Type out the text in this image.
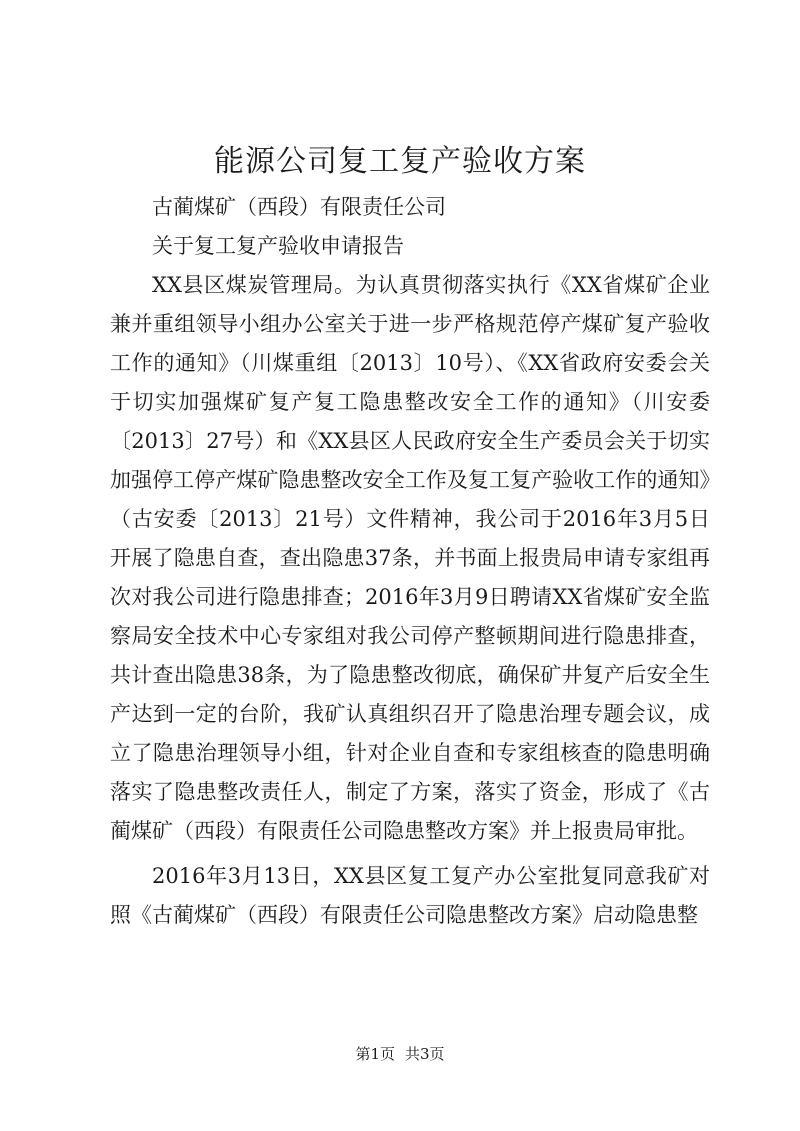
能源公司复工复产验收方案

古蔺煤矿（西段）有限责任公司

关于复工复产验收申请报告

XX县区煤炭管理局。为认真贯彻落实执行《XX省煤矿企业兼并重组领导小组办公室关于进一步严格规范停产煤矿复产验收工作的通知》（川煤重组〔2013〕10号）、《XX省政府安委会关于切实加强煤矿复产复工隐患整改安全工作的通知》（川安委〔2013〕27号）和《XX县区人民政府安全生产委员会关于切实加强停工停产煤矿隐患整改安全工作及复工复产验收工作的通知》（古安委〔2013〕21号）文件精神，我公司于2016年3月5日开展了隐患自查，查出隐患37条，并书面上报贵局申请专家组再次对我公司进行隐患排查；2016年3月9日聘请XX省煤矿安全监察局安全技术中心专家组对我公司停产整顿期间进行隐患排查，共计查出隐患38条，为了隐患整改彻底，确保矿井复产后安全生产达到一定的台阶，我矿认真组织召开了隐患治理专题会议，成立了隐患治理领导小组，针对企业自查和专家组核查的隐患明确落实了隐患整改责任人，制定了方案，落实了资金，形成了《古蔺煤矿（西段）有限责任公司隐患整改方案》并上报贵局审批。

2016年3月13日，XX县区复工复产办公室批复同意我矿对照《古蔺煤矿（西段）有限责任公司隐患整改方案》启动隐患整

第1页 共3页
